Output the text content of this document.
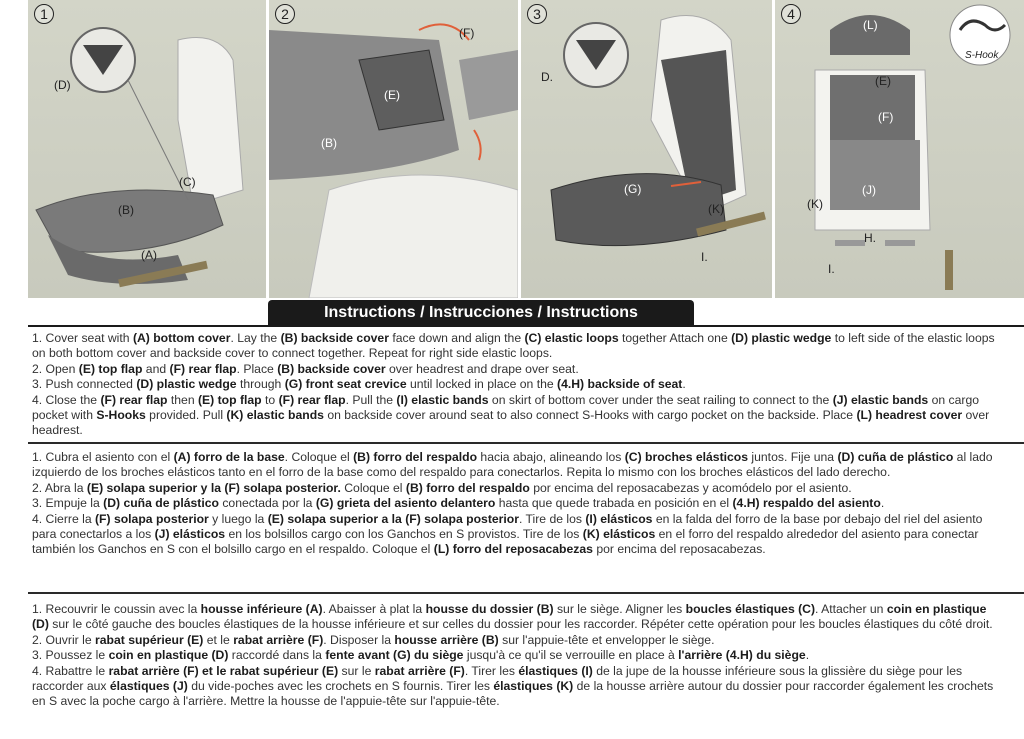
1
(D)
(C)
(B)
(A)
2
(F)
(E)
(B)
3
D.
(G)
(K)
I.
4
(L)
(E)
(F)
(J)
(K)
H.
I.
S-Hook
Instructions / Instrucciones / Instructions

1. Cover seat with (A) bottom cover. Lay the (B) backside cover face down and align the (C) elastic loops together Attach one (D) plastic wedge to left side of the elastic loops on both bottom cover and backside cover to connect together. Repeat for right side elastic loops.

2. Open (E) top flap and (F) rear flap. Place (B) backside cover over headrest and drape over seat.

3. Push connected (D) plastic wedge through (G) front seat crevice until locked in place on the (4.H) backside of seat.

4. Close the (F) rear flap then (E) top flap to (F) rear flap. Pull the (I) elastic bands on skirt of bottom cover under the seat railing to connect to the (J) elastic bands on cargo pocket with S-Hooks provided. Pull (K) elastic bands on backside cover around seat to also connect S-Hooks with cargo pocket on the backside. Place (L) headrest cover over headrest.

1. Cubra el asiento con el (A) forro de la base. Coloque el (B) forro del respaldo hacia abajo, alineando los (C) broches elásticos juntos. Fije una (D) cuña de plástico al lado izquierdo de los broches elásticos tanto en el forro de la base como del respaldo para conectarlos. Repita lo mismo con los broches elásticos del lado derecho.

2. Abra la (E) solapa superior y la (F) solapa posterior. Coloque el (B) forro del respaldo por encima del reposacabezas y acomódelo por el asiento.

3. Empuje la (D) cuña de plástico conectada por la (G) grieta del asiento delantero hasta que quede trabada en posición en el (4.H) respaldo del asiento.

4. Cierre la (F) solapa posterior y luego la (E) solapa superior a la (F) solapa posterior. Tire de los (I) elásticos en la falda del forro de la base por debajo del riel del asiento para conectarlos a los (J) elásticos en los bolsillos cargo con los Ganchos en S provistos. Tire de los (K) elásticos en el forro del respaldo alrededor del asiento para conectar también los Ganchos en S con el bolsillo cargo en el respaldo. Coloque el (L) forro del reposacabezas por encima del reposacabezas.

1. Recouvrir le coussin avec la housse inférieure (A). Abaisser à plat la housse du dossier (B) sur le siège. Aligner les boucles élastiques (C). Attacher un coin en plastique (D) sur le côté gauche des boucles élastiques de la housse inférieure et sur celles du dossier pour les raccorder. Répéter cette opération pour les boucles élastiques du côté droit.

2. Ouvrir le rabat supérieur (E) et le rabat arrière (F). Disposer la housse arrière (B) sur l'appuie-tête et envelopper le siège.

3. Poussez le coin en plastique (D) raccordé dans la fente avant (G) du siège jusqu'à ce qu'il se verrouille en place à l'arrière (4.H) du siège.

4. Rabattre le rabat arrière (F) et le rabat supérieur (E) sur le rabat arrière (F). Tirer les élastiques (I) de la jupe de la housse inférieure sous la glissière du siège pour les raccorder aux élastiques (J) du vide-poches avec les crochets en S fournis. Tirer les élastiques (K) de la housse arrière autour du dossier pour raccorder également les crochets en S avec la poche cargo à l'arrière. Mettre la housse de l'appuie-tête sur l'appuie-tête.
